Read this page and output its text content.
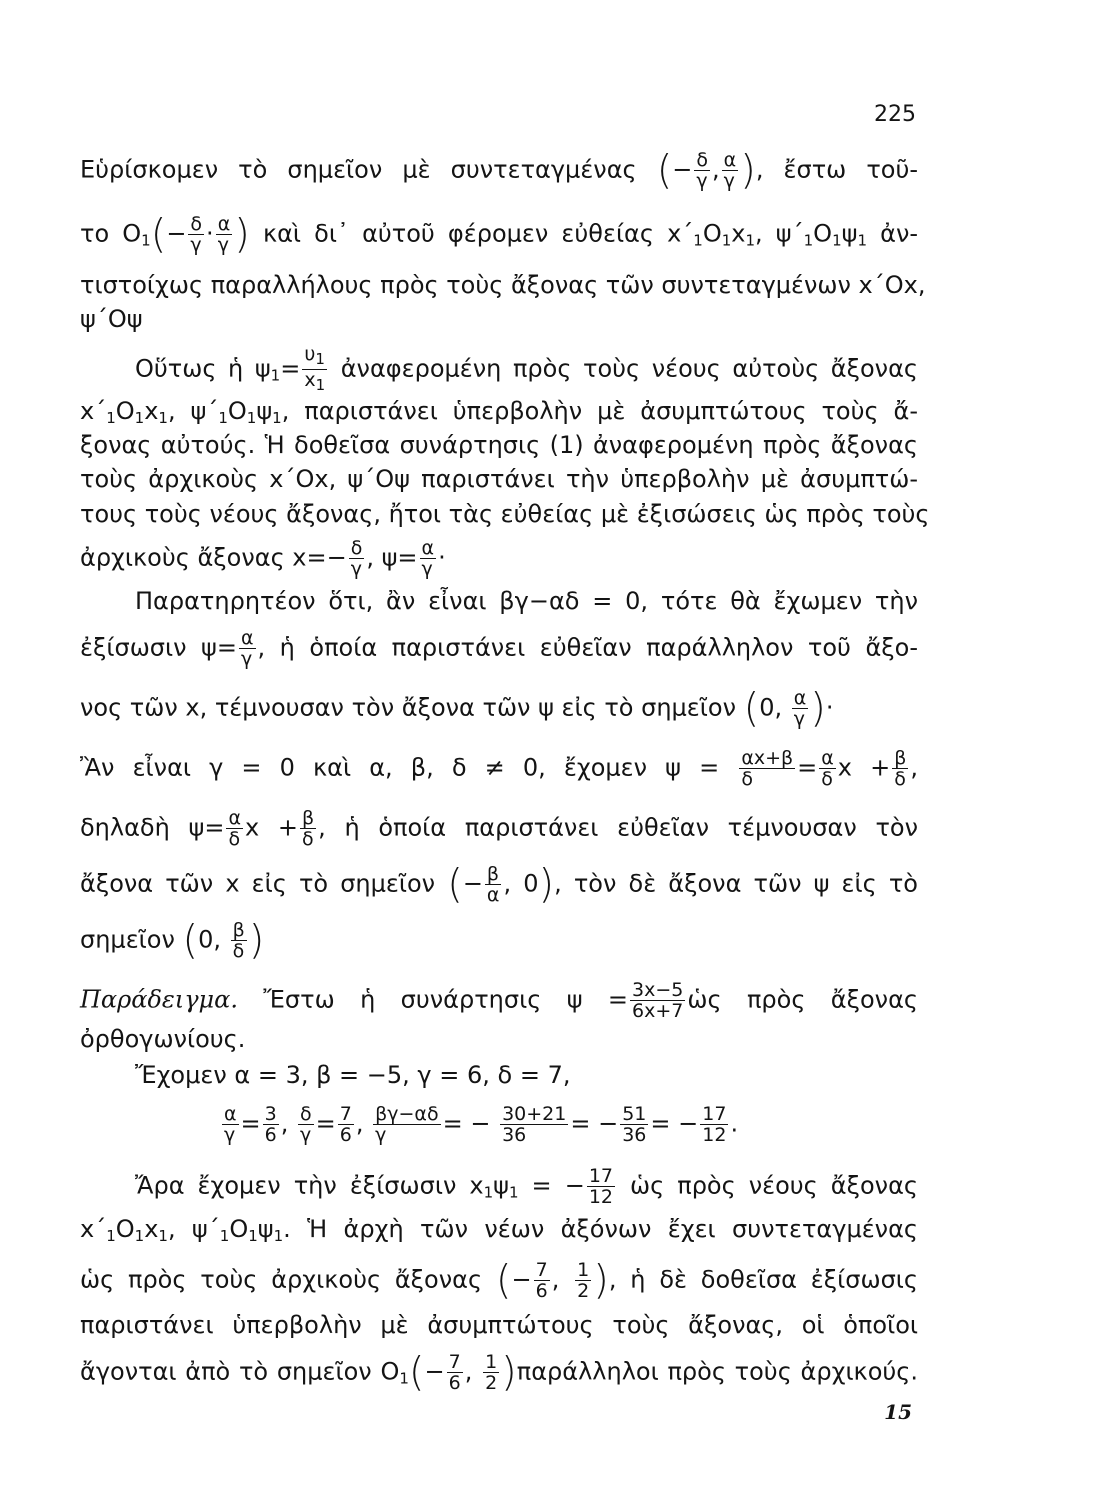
225
Εὑρίσκομεν τὸ σημεῖον μὲ συντεταγμένας (− $\frac{\delta}{\gamma}$ , $\frac{\alpha}{\gamma}$ ), ἔστω τοῦ-
το $O_1(- \frac{\delta}{\gamma} \cdot \frac{\alpha}{\gamma}$ ) καὶ δι᾽ αὐτοῦ φέρομεν εὐθείας $x΄_1O_1x_1$, $\psi΄_1O_1\psi_1$ ἀν-
τιστοίχως παραλλήλους πρὸς τοὺς ἄξονας τῶν συντεταγμένων x΄Ox,
ψ΄Oψ
Οὕτως ἡ $\psi_1= \frac{\upsilon_1}{x_1}$ ἀναφερομένη πρὸς τοὺς νέους αὐτοὺς ἄξονας
$x΄_1O_1x_1$, $\psi΄_1O_1\psi_1$, παριστάνει ὑπερβολὴν μὲ ἀσυμπτώτους τοὺς ἄ-
ξονας αὐτούς. Ἡ δοθεῖσα συνάρτησις (1) ἀναφερομένη πρὸς ἄξονας
τοὺς ἀρχικοὺς x΄Ox, ψ΄Oψ παριστάνει τὴν ὑπερβολὴν μὲ ἀσυμπτώ-
τους τοὺς νέους ἄξονας, ἤτοι τὰς εὐθείας μὲ ἐξισώσεις ὡς πρὸς τοὺς
ἀρχικοὺς ἄξονας $x=- \frac{\delta}{\gamma}$ , $\psi= \frac{\alpha}{\gamma}$ ·
Παρατηρητέον ὅτι, ἂν εἶναι βγ−αδ = 0, τότε θὰ ἔχωμεν τὴν
ἐξίσωσιν $\psi= \frac{\alpha}{\gamma}$ , ἡ ὁποία παριστάνει εὐθεῖαν παράλληλον τοῦ ἄξο-
νος τῶν x, τέμνουσαν τὸν ἄξονα τῶν ψ εἰς τὸ σημεῖον (0, $\frac{\alpha}{\gamma}$ )·
Ἂν εἶναι γ = 0 καὶ α, β, δ ≠ 0, ἔχομεν $\psi = \frac{\alpha x+\beta}{\delta} = \frac{\alpha}{\delta}$ $x + \frac{\beta}{\delta}$ ,
δηλαδὴ $\psi= \frac{\alpha}{\delta}$ $x + \frac{\beta}{\delta}$ , ἡ ὁποία παριστάνει εὐθεῖαν τέμνουσαν τὸν
ἄξονα τῶν x εἰς τὸ σημεῖον (− $\frac{\beta}{\alpha}$ , 0), τὸν δὲ ἄξονα τῶν ψ εἰς τὸ
σημεῖον (0, $\frac{\beta}{\delta}$ )
Παράδειγμα. Ἔστω ἡ συνάρτησις $\psi = \frac{3x-5}{6x+7}$ ὡς πρὸς ἄξονας
ὀρθογωνίους.
Ἔχομεν α = 3, β = −5, γ = 6, δ = 7,
$\frac{\alpha}{\gamma} = \frac{3}{6}$ , $\frac{\delta}{\gamma} = \frac{7}{6}$ , $\frac{\beta\gamma-\alpha\delta}{\gamma}$ = − $\frac{30+21}{36}$ = − $\frac{51}{36}$ = − $\frac{17}{12}$ .
Ἄρα ἔχομεν τὴν ἐξίσωσιν $x_1\psi_1$ = − $\frac{17}{12}$ ὡς πρὸς νέους ἄξονας
$x΄_1O_1x_1$, $\psi΄_1O_1\psi_1$. Ἡ ἀρχὴ τῶν νέων ἀξόνων ἔχει συντεταγμένας
ὡς πρὸς τοὺς ἀρχικοὺς ἄξονας (− $\frac{7}{6}$ , $\frac{1}{2}$ ), ἡ δὲ δοθεῖσα ἐξίσωσις
παριστάνει ὑπερβολὴν μὲ ἀσυμπτώτους τοὺς ἄξονας, οἱ ὁποῖοι
ἄγονται ἀπὸ τὸ σημεῖον $O_1(- \frac{7}{6}$ , $\frac{1}{2} )\pi\alpha\rho ά\lambda\lambda\eta\lambda o\iota$ πρὸς τοὺς ἀρχικούς.
15
